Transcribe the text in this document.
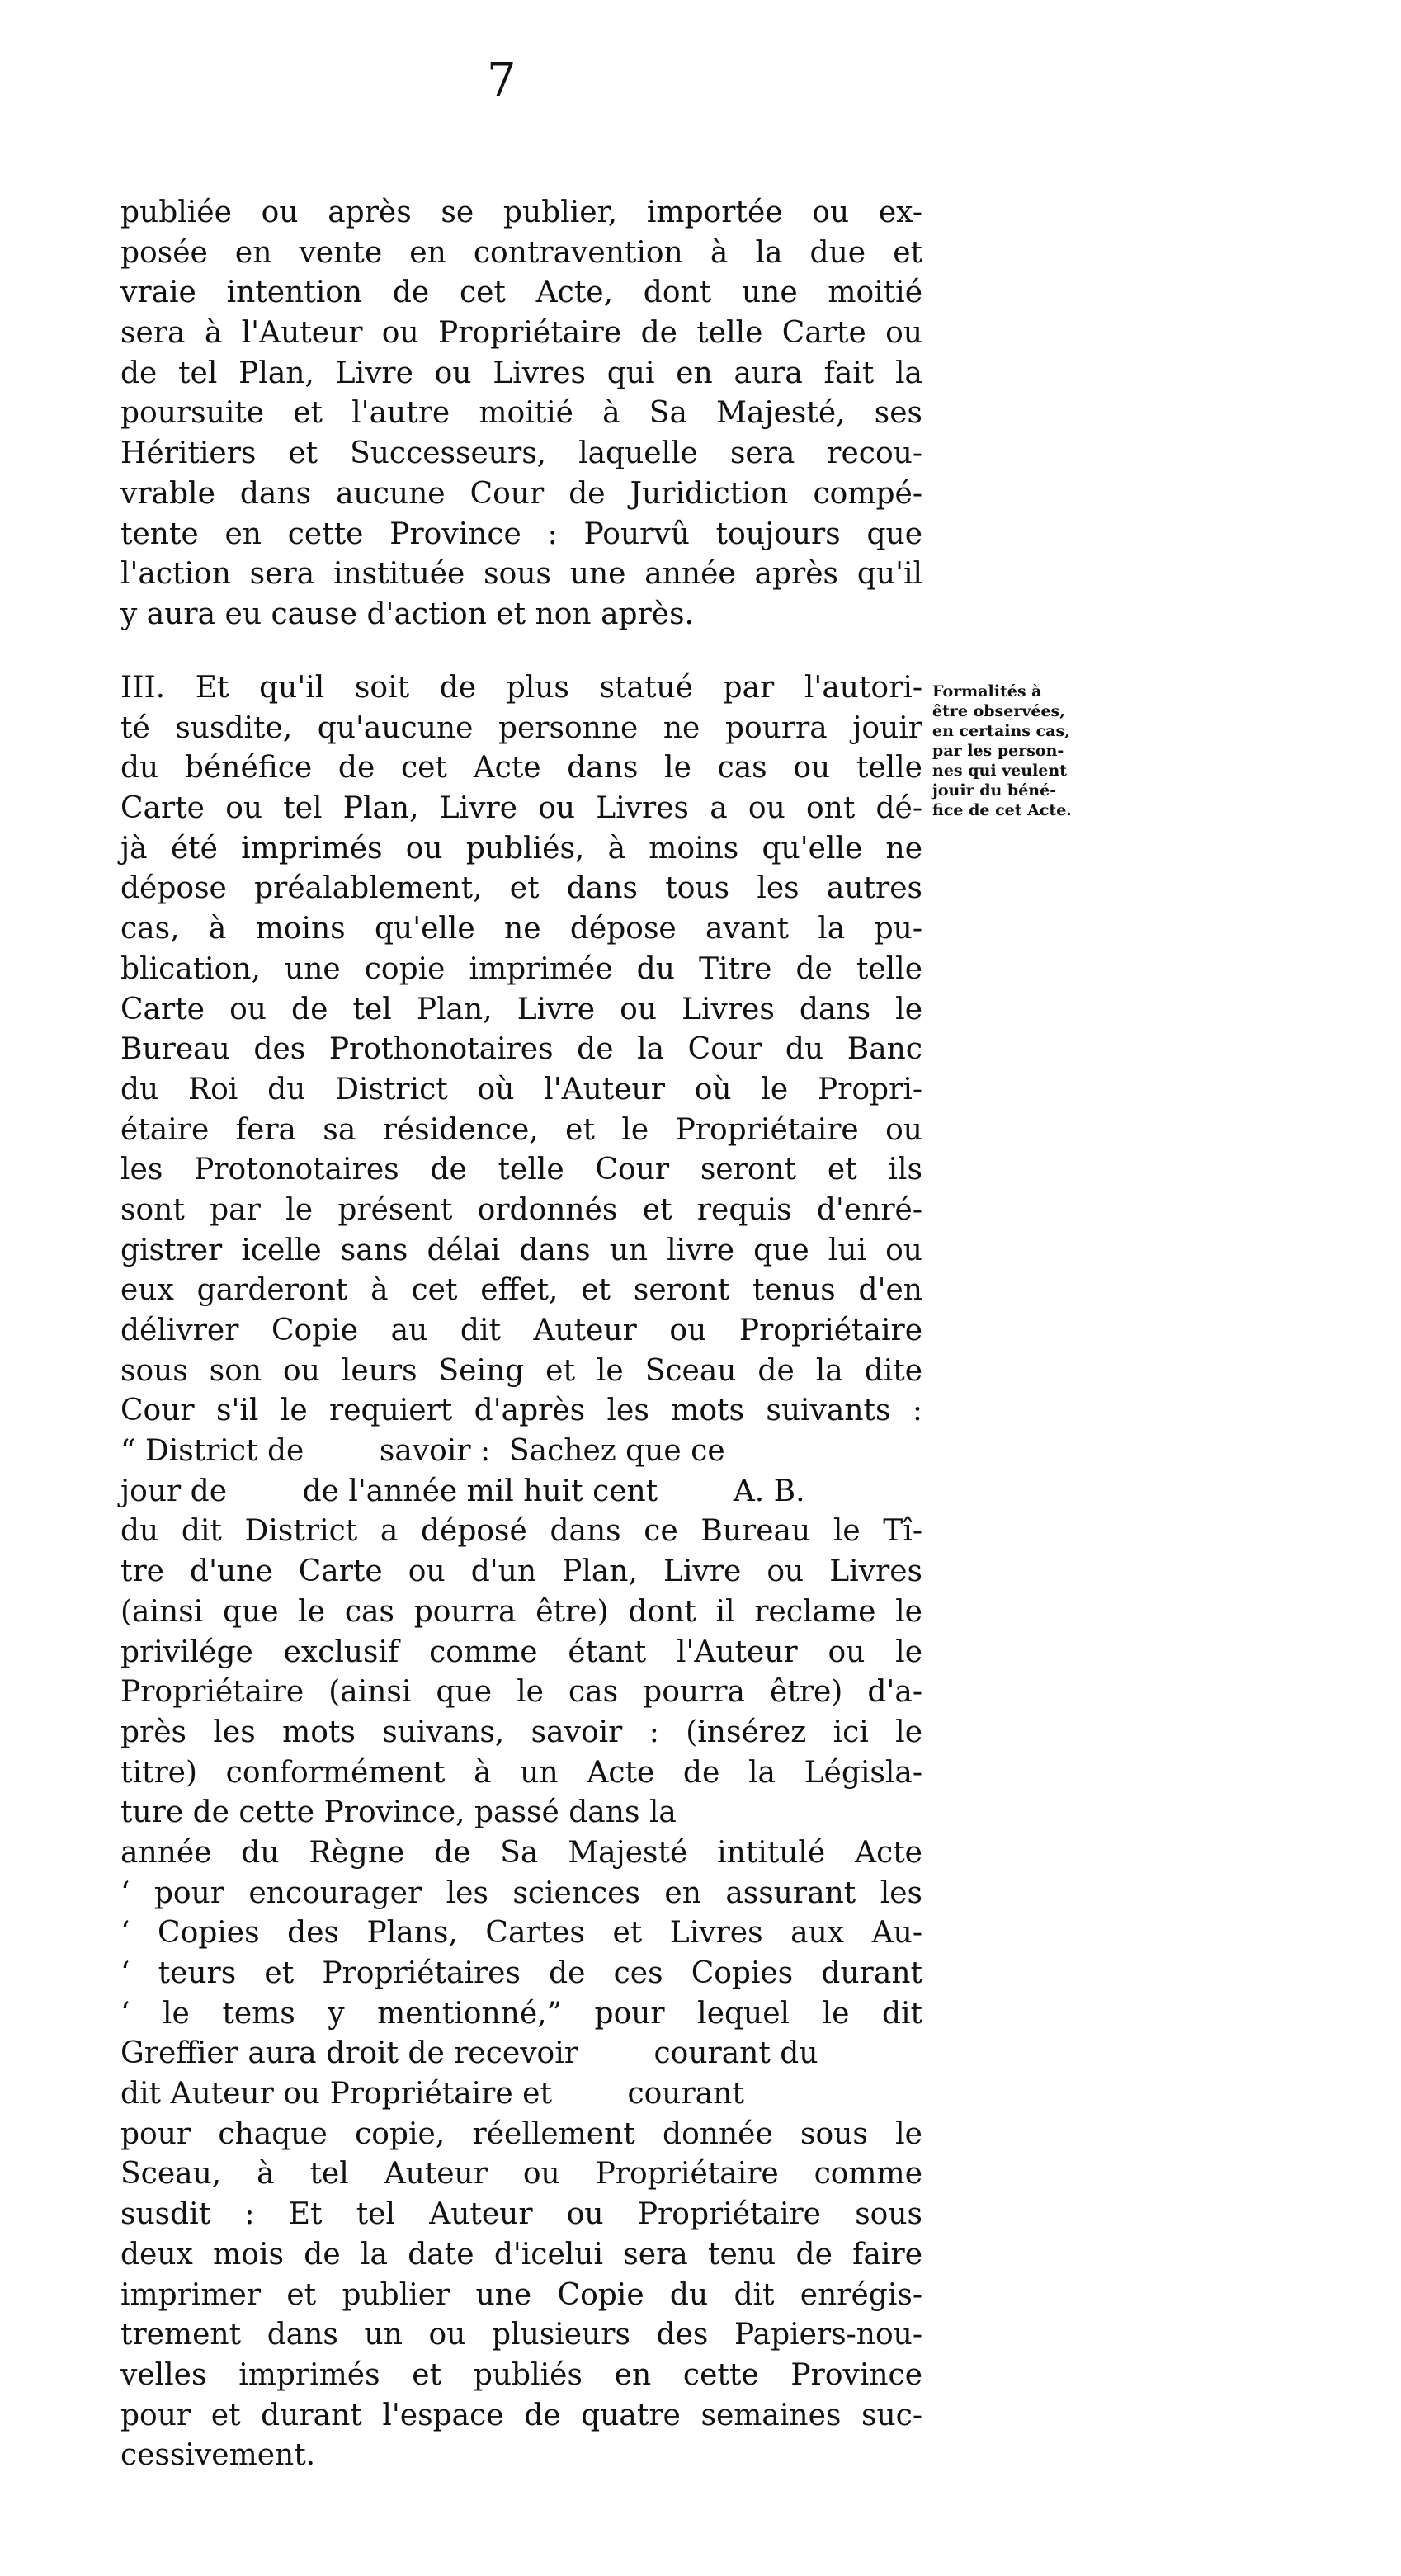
7
publiée ou après se publier, importée ou ex-
posée en vente en contravention à la due et
vraie intention de cet Acte, dont une moitié
sera à l'Auteur ou Propriétaire de telle Carte ou
de tel Plan, Livre ou Livres qui en aura fait la
poursuite et l'autre moitié à Sa Majesté, ses
Héritiers et Successeurs, laquelle sera recou-
vrable dans aucune Cour de Juridiction compé-
tente en cette Province : Pourvû toujours que
l'action sera instituée sous une année après qu'il
y aura eu cause d'action et non après.
III. Et qu'il soit de plus statué par l'autori-
té susdite, qu'aucune personne ne pourra jouir
du bénéfice de cet Acte dans le cas ou telle
Carte ou tel Plan, Livre ou Livres a ou ont dé-
jà été imprimés ou publiés, à moins qu'elle ne
dépose préalablement, et dans tous les autres
cas, à moins qu'elle ne dépose avant la pu-
blication, une copie imprimée du Titre de telle
Carte ou de tel Plan, Livre ou Livres dans le
Bureau des Prothonotaires de la Cour du Banc
du Roi du District où l'Auteur où le Propri-
étaire fera sa résidence, et le Propriétaire ou
les Protonotaires de telle Cour seront et ils
sont par le présent ordonnés et requis d'enré-
gistrer icelle sans délai dans un livre que lui ou
eux garderont à cet effet, et seront tenus d'en
délivrer Copie au dit Auteur ou Propriétaire
sous son ou leurs Seing et le Sceau de la dite
Cour s'il le requiert d'après les mots suivants :
“ District de        savoir :  Sachez que ce
jour de        de l'année mil huit cent        A. B.
du dit District a déposé dans ce Bureau le Tî-
tre d'une Carte ou d'un Plan, Livre ou Livres
(ainsi que le cas pourra être) dont il reclame le
privilége exclusif comme étant l'Auteur ou le
Propriétaire (ainsi que le cas pourra être) d'a-
près les mots suivans, savoir : (insérez ici le
titre) conformément à un Acte de la Législa-
ture de cette Province, passé dans la
année du Règne de Sa Majesté intitulé Acte
‘ pour encourager les sciences en assurant les
‘ Copies des Plans, Cartes et Livres aux Au-
‘ teurs et Propriétaires de ces Copies durant
‘ le tems y mentionné,” pour lequel le dit
Greffier aura droit de recevoir        courant du
dit Auteur ou Propriétaire et        courant
pour chaque copie, réellement donnée sous le
Sceau, à tel Auteur ou Propriétaire comme
susdit : Et tel Auteur ou Propriétaire sous
deux mois de la date d'icelui sera tenu de faire
imprimer et publier une Copie du dit enrégis-
trement dans un ou plusieurs des Papiers-nou-
velles imprimés et publiés en cette Province
pour et durant l'espace de quatre semaines suc-
cessivement.
Formalités à
être observées,
en certains cas,
par les person-
nes qui veulent
jouir du béné-
fice de cet Acte.
